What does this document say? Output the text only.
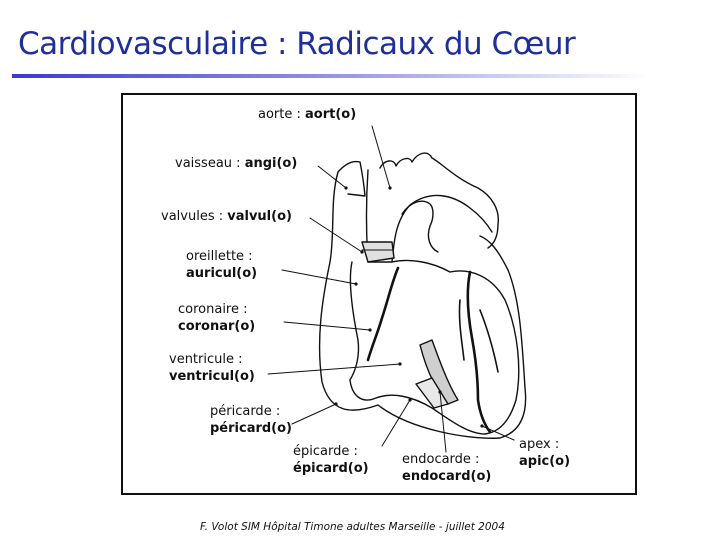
Cardiovasculaire : Radicaux du Cœur
aorte : aort(o)
vaisseau : angi(o)
valvules : valvul(o)
oreillette :
auricul(o)
coronaire :
coronar(o)
ventricule :
ventricul(o)
péricarde :
péricard(o)
épicarde :
épicard(o)
endocarde :
endocard(o)
apex :
apic(o)
F. Volot SIM Hôpital Timone adultes Marseille - juillet 2004
